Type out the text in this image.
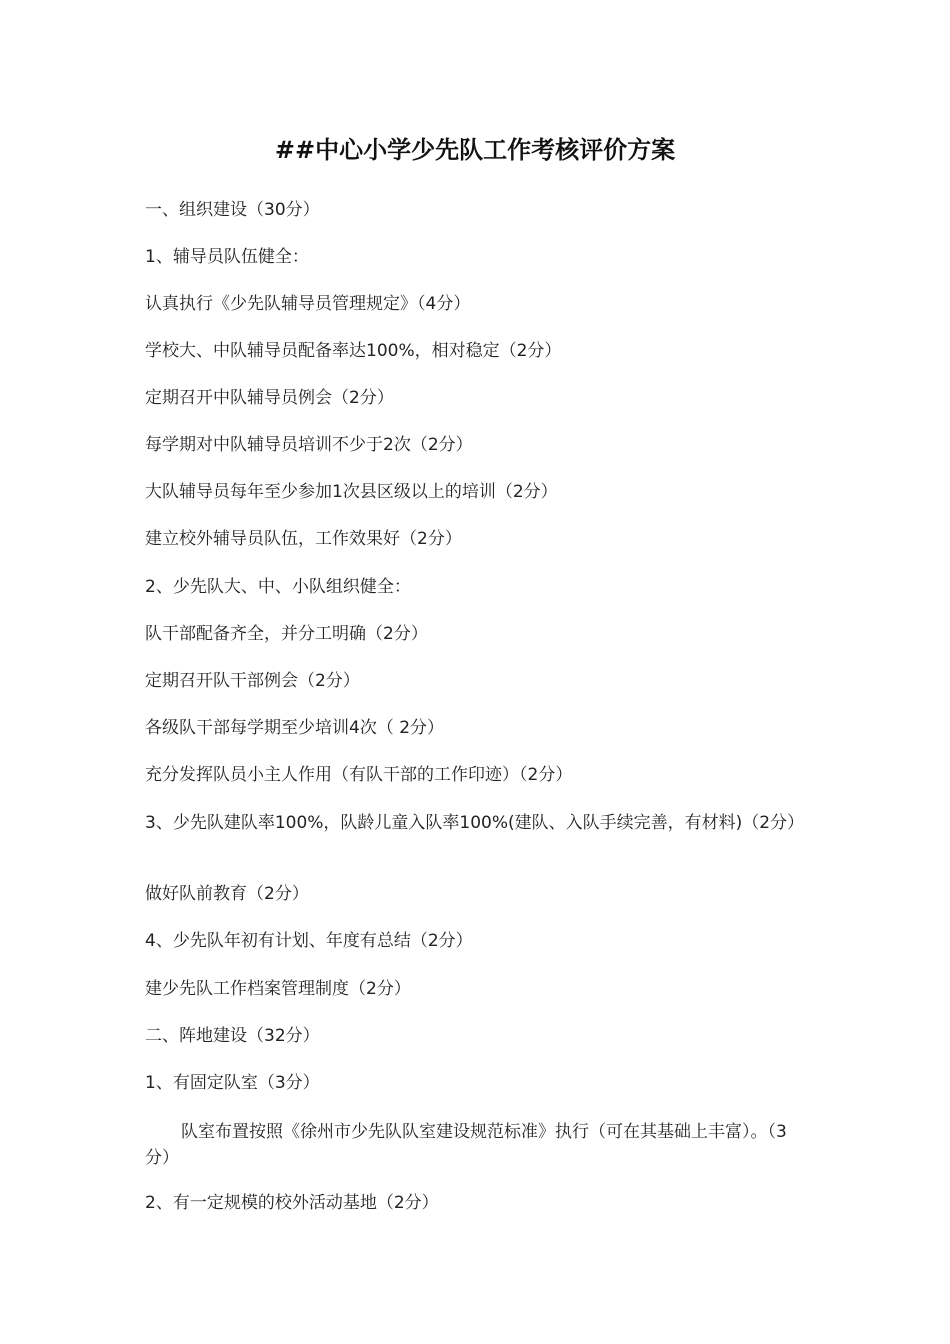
##中心小学少先队工作考核评价方案
一、组织建设（30分）
1、辅导员队伍健全：
认真执行《少先队辅导员管理规定》（4分）
学校大、中队辅导员配备率达100%，相对稳定（2分）
定期召开中队辅导员例会（2分）
每学期对中队辅导员培训不少于2次（2分）
大队辅导员每年至少参加1次县区级以上的培训（2分）
建立校外辅导员队伍，工作效果好（2分）
2、少先队大、中、小队组织健全：
队干部配备齐全，并分工明确（2分）
定期召开队干部例会（2分）
各级队干部每学期至少培训4次（ 2分）
充分发挥队员小主人作用（有队干部的工作印迹）（2分）
3、少先队建队率100%，队龄儿童入队率100%(建队、入队手续完善，有材料)（2分）
做好队前教育（2分）
4、少先队年初有计划、年度有总结（2分）
建少先队工作档案管理制度（2分）
二、阵地建设（32分）
1、有固定队室（3分）
队室布置按照《徐州市少先队队室建设规范标准》执行（可在其基础上丰富）。（3分）
2、有一定规模的校外活动基地（2分）
